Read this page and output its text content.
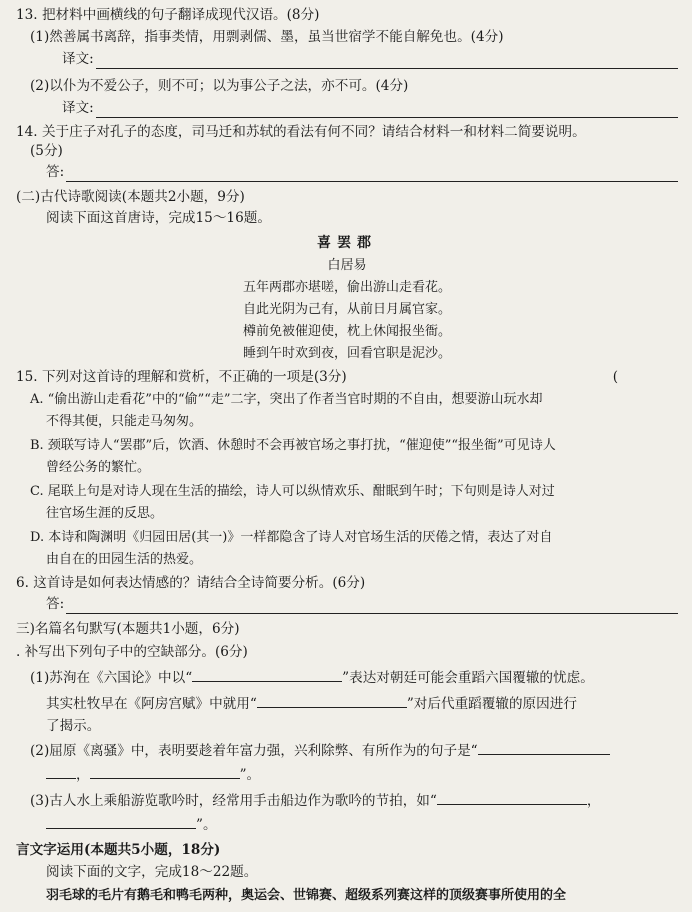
13. 把材料中画横线的句子翻译成现代汉语。(8分)
(1)然善属书离辞，指事类情，用剽剥儒、墨，虽当世宿学不能自解免也。(4分)
译文:
(2)以仆为不爱公子，则不可；以为事公子之法，亦不可。(4分)
译文:
14. 关于庄子对孔子的态度，司马迁和苏轼的看法有何不同？请结合材料一和材料二简要说明。
(5分)
答:
(二)古代诗歌阅读(本题共2小题，9分)
阅读下面这首唐诗，完成15～16题。
喜罢郡
白居易
五年两郡亦堪嗟，偷出游山走看花。
自此光阴为己有，从前日月属官家。
樽前免被催迎使，枕上休闻报坐衙。
睡到午时欢到夜，回看官职是泥沙。
15. 下列对这首诗的理解和赏析，不正确的一项是(3分)	(
A. “偷出游山走看花”中的“偷”“走”二字，突出了作者当官时期的不自由，想要游山玩水却
不得其便，只能走马匆匆。
B. 颈联写诗人“罢郡”后，饮酒、休憩时不会再被官场之事打扰，“催迎使”“报坐衙”可见诗人
曾经公务的繁忙。
C. 尾联上句是对诗人现在生活的描绘，诗人可以纵情欢乐、酣眠到午时；下句则是诗人对过
往官场生涯的反思。
D. 本诗和陶渊明《归园田居(其一)》一样都隐含了诗人对官场生活的厌倦之情，表达了对自
由自在的田园生活的热爱。
6. 这首诗是如何表达情感的？请结合全诗简要分析。(6分)
答:
三)名篇名句默写(本题共1小题，6分)
. 补写出下列句子中的空缺部分。(6分)
(1)苏洵在《六国论》中以“	”表达对朝廷可能会重蹈六国覆辙的忧虑。
其实杜牧早在《阿房宫赋》中就用“	”对后代重蹈覆辙的原因进行
了揭示。
(2)屈原《离骚》中，表明要趁着年富力强，兴利除弊、有所作为的句子是“
，	”。
(3)古人水上乘船游览歌吟时，经常用手击船边作为歌吟的节拍，如“	，
”。
言文字运用(本题共5小题，18分)
阅读下面的文字，完成18～22题。
羽毛球的毛片有鹅毛和鸭毛两种，奥运会、世锦赛、超级系列赛这样的顶级赛事所使用的全
